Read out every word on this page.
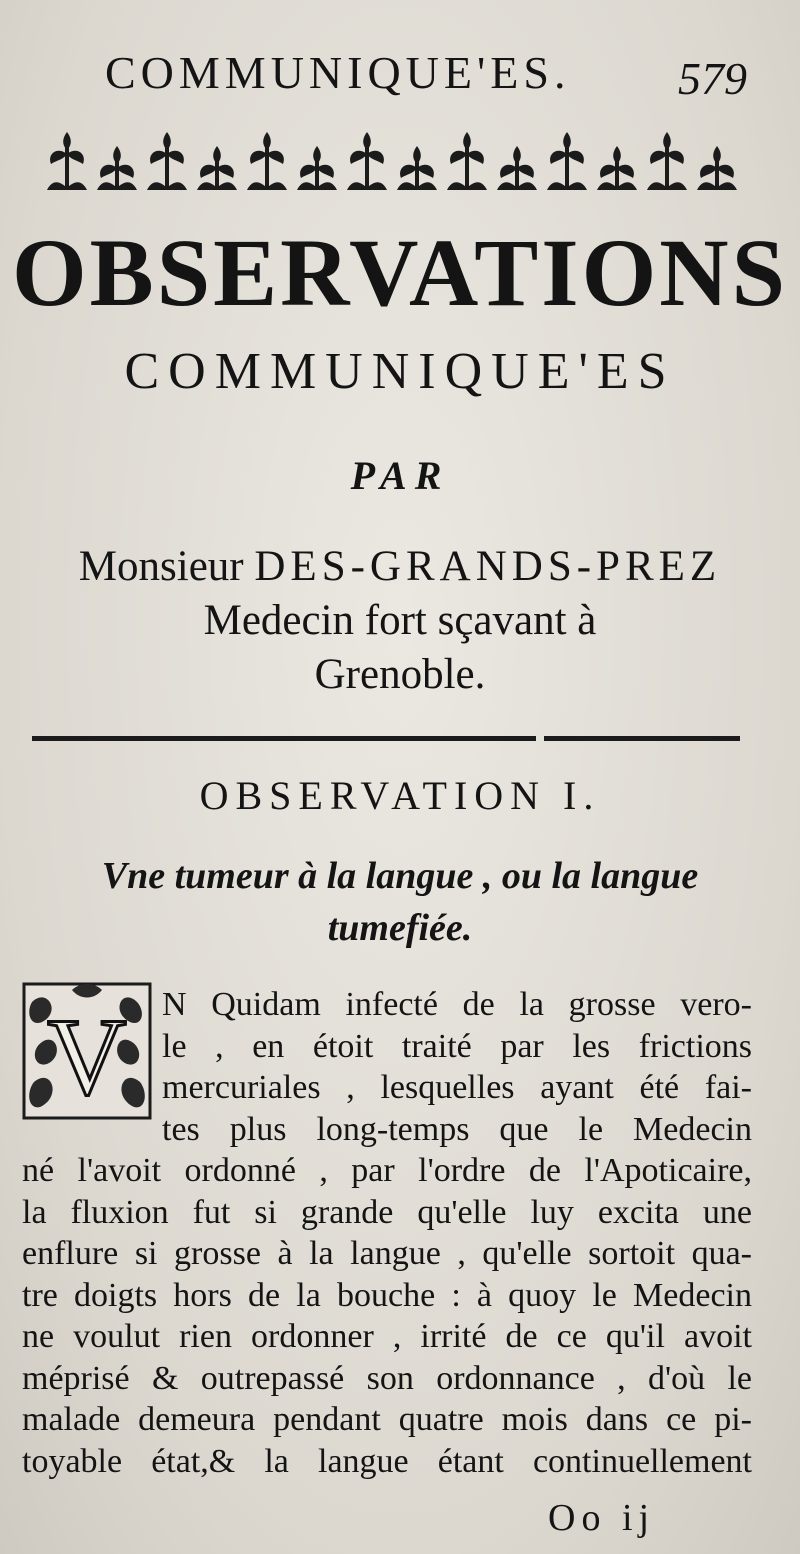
COMMUNIQUE'ES. 579
OBSERVATIONS
COMMUNIQUE'ES
PAR
Monsieur DES-GRANDS-PREZ
Medecin fort sçavant à
Grenoble.
OBSERVATION I.
Vne tumeur à la langue , ou la langue
tumefiée.
V	N Quidam infecté de la grosse vero-
le , en étoit traité par les frictions
mercuriales , lesquelles ayant été fai-
tes plus long-temps que le Medecin
né l'avoit ordonné , par l'ordre de l'Apoticaire,
la fluxion fut si grande qu'elle luy excita une
enflure si grosse à la langue , qu'elle sortoit qua-
tre doigts hors de la bouche : à quoy le Medecin
ne voulut rien ordonner , irrité de ce qu'il avoit
méprisé & outrepassé son ordonnance , d'où le
malade demeura pendant quatre mois dans ce pi-
toyable état,& la langue étant continuellement
Oo ij
